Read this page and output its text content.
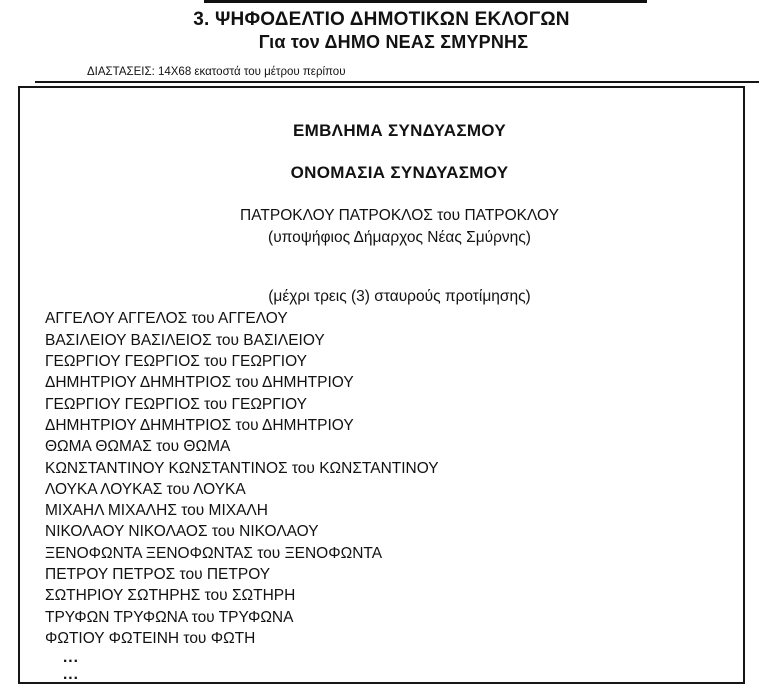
3. ΨΗΦΟΔΕΛΤΙΟ ΔΗΜΟΤΙΚΩΝ ΕΚΛΟΓΩΝ
Για τον ΔΗΜΟ ΝΕΑΣ ΣΜΥΡΝΗΣ
ΔΙΑΣΤΑΣΕΙΣ: 14Χ68 εκατοστά του μέτρου περίπου
ΕΜΒΛΗΜΑ ΣΥΝΔΥΑΣΜΟΥ
ΟΝΟΜΑΣΙΑ ΣΥΝΔΥΑΣΜΟΥ
ΠΑΤΡΟΚΛΟΥ ΠΑΤΡΟΚΛΟΣ του ΠΑΤΡΟΚΛΟΥ
(υποψήφιος Δήμαρχος Νέας Σμύρνης)
(μέχρι τρεις (3) σταυρούς προτίμησης)
ΑΓΓΕΛΟΥ ΑΓΓΕΛΟΣ του ΑΓΓΕΛΟΥ
ΒΑΣΙΛΕΙΟΥ ΒΑΣΙΛΕΙΟΣ του ΒΑΣΙΛΕΙΟΥ
ΓΕΩΡΓΙΟΥ ΓΕΩΡΓΙΟΣ του ΓΕΩΡΓΙΟΥ
ΔΗΜΗΤΡΙΟΥ ΔΗΜΗΤΡΙΟΣ του ΔΗΜΗΤΡΙΟΥ
ΓΕΩΡΓΙΟΥ ΓΕΩΡΓΙΟΣ του ΓΕΩΡΓΙΟΥ
ΔΗΜΗΤΡΙΟΥ ΔΗΜΗΤΡΙΟΣ του ΔΗΜΗΤΡΙΟΥ
ΘΩΜΑ ΘΩΜΑΣ του ΘΩΜΑ
ΚΩΝΣΤΑΝΤΙΝΟΥ ΚΩΝΣΤΑΝΤΙΝΟΣ του ΚΩΝΣΤΑΝΤΙΝΟΥ
ΛΟΥΚΑ ΛΟΥΚΑΣ του ΛΟΥΚΑ
ΜΙΧΑΗΛ ΜΙΧΑΛΗΣ του ΜΙΧΑΛΗ
ΝΙΚΟΛΑΟΥ ΝΙΚΟΛΑΟΣ του ΝΙΚΟΛΑΟΥ
ΞΕΝΟΦΩΝΤΑ ΞΕΝΟΦΩΝΤΑΣ του ΞΕΝΟΦΩΝΤΑ
ΠΕΤΡΟΥ ΠΕΤΡΟΣ του ΠΕΤΡΟΥ
ΣΩΤΗΡΙΟΥ ΣΩΤΗΡΗΣ του ΣΩΤΗΡΗ
ΤΡΥΦΩΝ ΤΡΥΦΩΝΑ του ΤΡΥΦΩΝΑ
ΦΩΤΙΟΥ ΦΩΤΕΙΝΗ του ΦΩΤΗ
...
...
